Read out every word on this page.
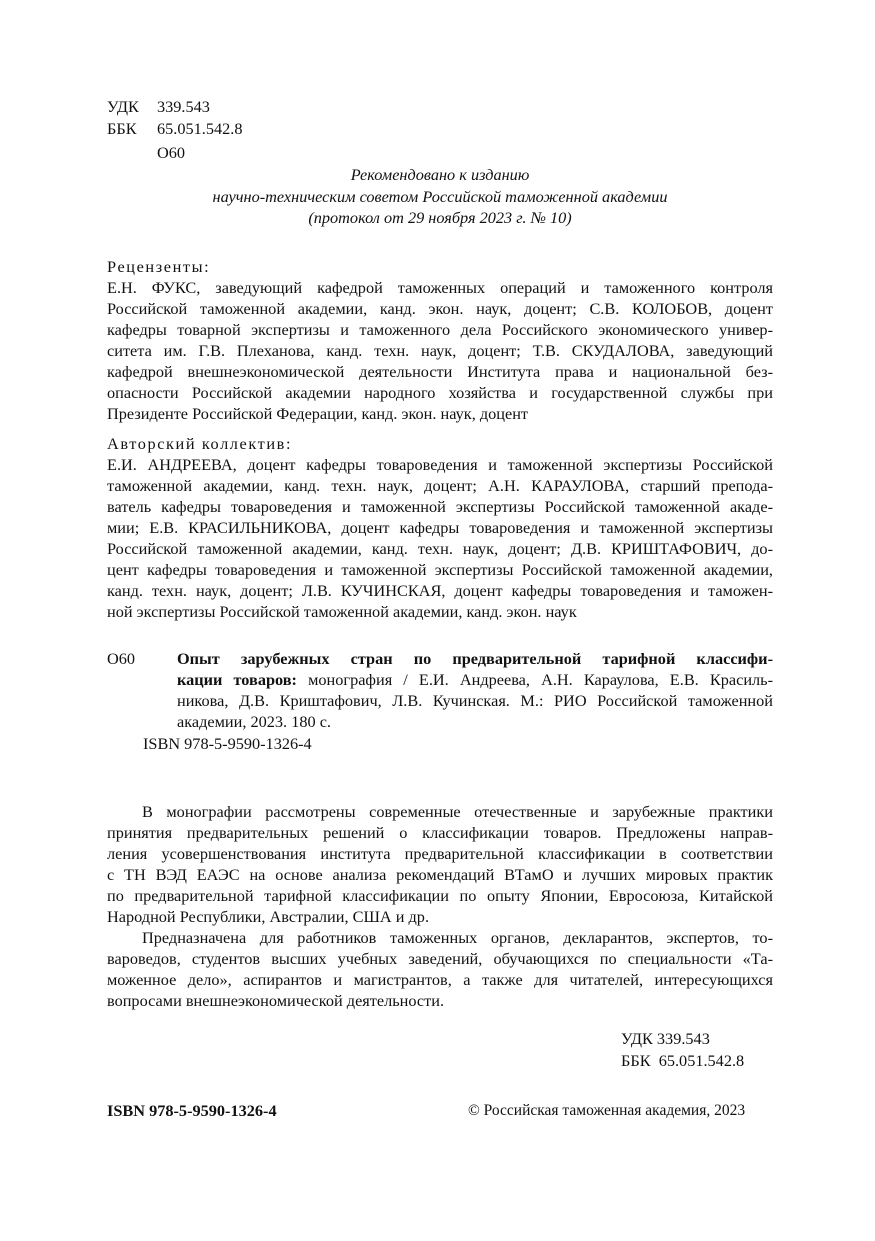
УДК 339.543
ББК 65.051.542.8
О60
Рекомендовано к изданию
научно-техническим советом Российской таможенной академии
(протокол от 29 ноября 2023 г. № 10)
Рецензенты:
Е.Н. ФУКС, заведующий кафедрой таможенных операций и таможенного контроля
Российской таможенной академии, канд. экон. наук, доцент; С.В. КОЛОБОВ, доцент
кафедры товарной экспертизы и таможенного дела Российского экономического универ-
ситета им. Г.В. Плеханова, канд. техн. наук, доцент; Т.В. СКУДАЛОВА, заведующий
кафедрой внешнеэкономической деятельности Института права и национальной без-
опасности Российской академии народного хозяйства и государственной службы при
Президенте Российской Федерации, канд. экон. наук, доцент
Авторский коллектив:
Е.И. АНДРЕЕВА, доцент кафедры товароведения и таможенной экспертизы Российской
таможенной академии, канд. техн. наук, доцент; А.Н. КАРАУЛОВА, старший препода-
ватель кафедры товароведения и таможенной экспертизы Российской таможенной акаде-
мии; Е.В. КРАСИЛЬНИКОВА, доцент кафедры товароведения и таможенной экспертизы
Российской таможенной академии, канд. техн. наук, доцент; Д.В. КРИШТАФОВИЧ, до-
цент кафедры товароведения и таможенной экспертизы Российской таможенной академии,
канд. техн. наук, доцент; Л.В. КУЧИНСКАЯ, доцент кафедры товароведения и таможен-
ной экспертизы Российской таможенной академии, канд. экон. наук
О60	Опыт зарубежных стран по предварительной тарифной классифи-
кации товаров: монография / Е.И. Андреева, А.Н. Караулова, Е.В. Красиль-
никова, Д.В. Криштафович, Л.В. Кучинская. М.: РИО Российской таможенной
академии, 2023. 180 с.
ISBN 978-5-9590-1326-4
В монографии рассмотрены современные отечественные и зарубежные практики
принятия предварительных решений о классификации товаров. Предложены направ-
ления усовершенствования института предварительной классификации в соответствии
с ТН ВЭД ЕАЭС на основе анализа рекомендаций ВТамО и лучших мировых практик
по предварительной тарифной классификации по опыту Японии, Евросоюза, Китайской
Народной Республики, Австралии, США и др.
Предназначена для работников таможенных органов, декларантов, экспертов, то-
вароведов, студентов высших учебных заведений, обучающихся по специальности «Та-
моженное дело», аспирантов и магистрантов, а также для читателей, интересующихся
вопросами внешнеэкономической деятельности.
УДК 339.543
ББК  65.051.542.8
ISBN 978-5-9590-1326-4	© Российская таможенная академия, 2023
